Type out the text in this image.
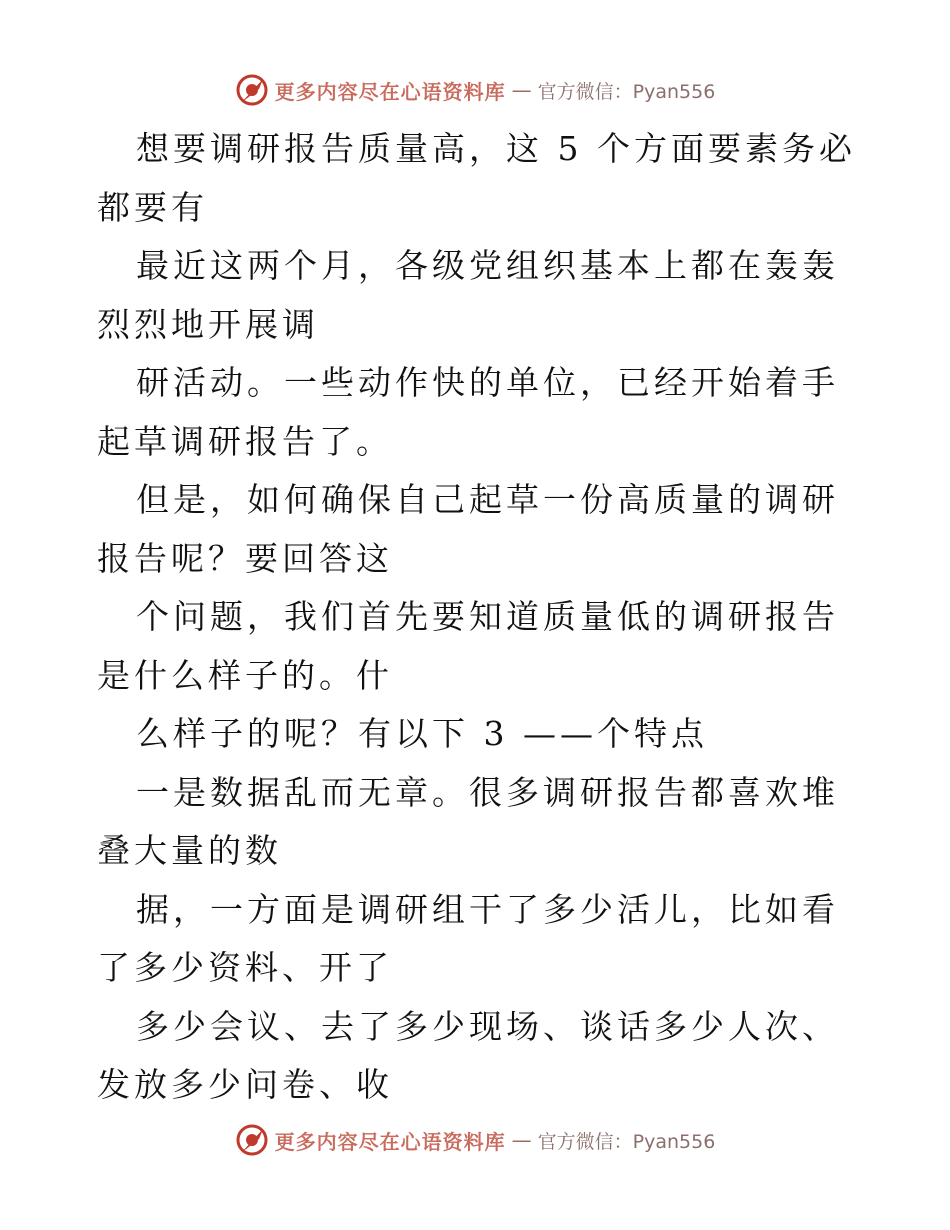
更多内容尽在心语资料库 — 官方微信：Pyan556

想要调研报告质量高，这 5 个方面要素务必都要有

最近这两个月，各级党组织基本上都在轰轰烈烈地开展调

研活动。一些动作快的单位，已经开始着手起草调研报告了。

但是，如何确保自己起草一份高质量的调研报告呢？要回答这

个问题，我们首先要知道质量低的调研报告是什么样子的。什

么样子的呢？有以下 3 ——个特点

一是数据乱而无章。很多调研报告都喜欢堆叠大量的数

据，一方面是调研组干了多少活儿，比如看了多少资料、开了

多少会议、去了多少现场、谈话多少人次、发放多少问卷、收

更多内容尽在心语资料库 — 官方微信：Pyan556
